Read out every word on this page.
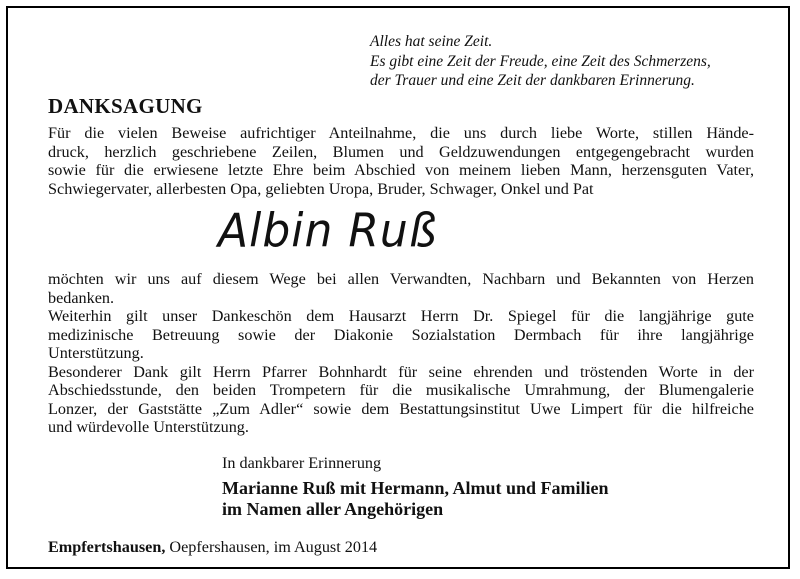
Alles hat seine Zeit.
Es gibt eine Zeit der Freude, eine Zeit des Schmerzens,
der Trauer und eine Zeit der dankbaren Erinnerung.
DANKSAGUNG
Für die vielen Beweise aufrichtiger Anteilnahme, die uns durch liebe Worte, stillen Hände-
druck, herzlich geschriebene Zeilen, Blumen und Geldzuwendungen entgegengebracht wurden
sowie für die erwiesene letzte Ehre beim Abschied von meinem lieben Mann, herzensguten Vater,
Schwiegervater, allerbesten Opa, geliebten Uropa, Bruder, Schwager, Onkel und Pat
Albin Ruß
möchten wir uns auf diesem Wege bei allen Verwandten, Nachbarn und Bekannten von Herzen
bedanken.
Weiterhin gilt unser Dankeschön dem Hausarzt Herrn Dr. Spiegel für die langjährige gute
medizinische Betreuung sowie der Diakonie Sozialstation Dermbach für ihre langjährige
Unterstützung.
Besonderer Dank gilt Herrn Pfarrer Bohnhardt für seine ehrenden und tröstenden Worte in der
Abschiedsstunde, den beiden Trompetern für die musikalische Umrahmung, der Blumengalerie
Lonzer, der Gaststätte „Zum Adler“ sowie dem Bestattungsinstitut Uwe Limpert für die hilfreiche
und würdevolle Unterstützung.
In dankbarer Erinnerung
Marianne Ruß mit Hermann, Almut und Familien
im Namen aller Angehörigen
Empfertshausen, Oepfershausen, im August 2014
